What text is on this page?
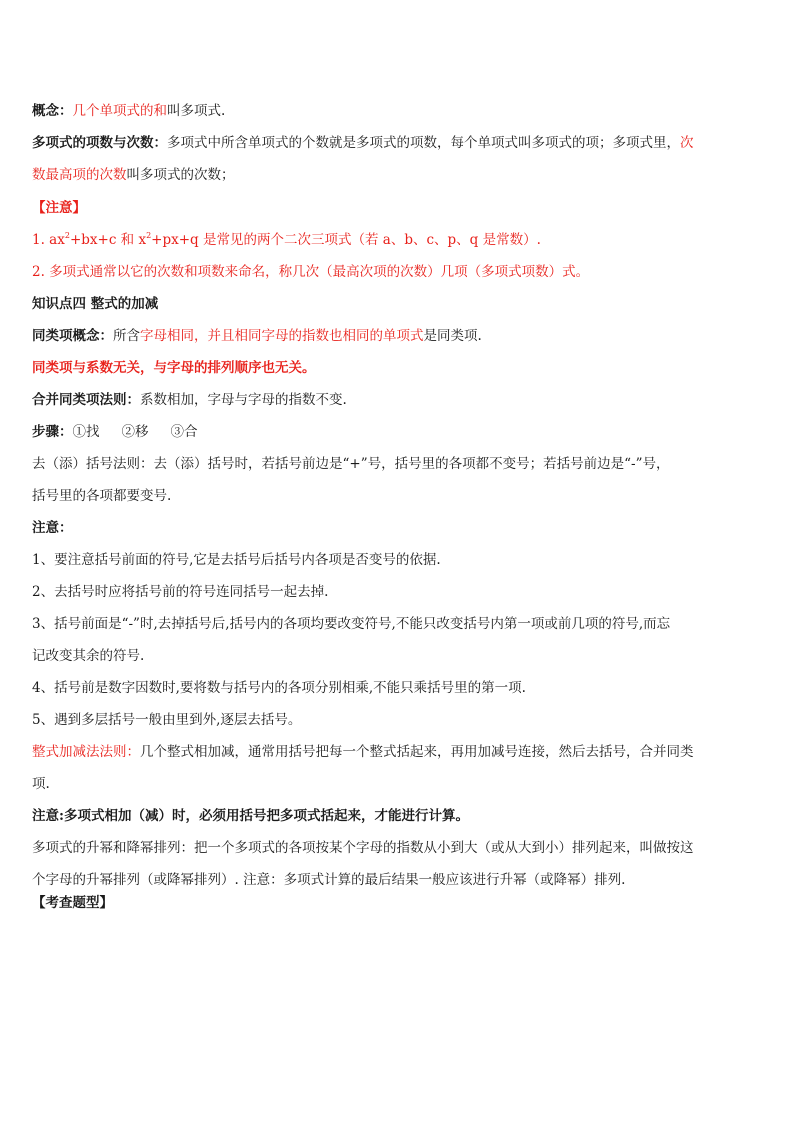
概念：几个单项式的和叫多项式.
多项式的项数与次数：多项式中所含单项式的个数就是多项式的项数，每个单项式叫多项式的项；多项式里，次
数最高项的次数叫多项式的次数；
【注意】
1. $ax^2+bx+c$ 和 $x^2+px+q$ 是常见的两个二次三项式（若 a、b、c、p、q 是常数）.
2. 多项式通常以它的次数和项数来命名，称几次（最高次项的次数）几项（多项式项数）式。
知识点四 整式的加减
同类项概念：所含字母相同，并且相同字母的指数也相同的单项式是同类项.
同类项与系数无关，与字母的排列顺序也无关。
合并同类项法则：系数相加，字母与字母的指数不变.
步骤：①找 ②移 ③合
去（添）括号法则：去（添）括号时，若括号前边是“+”号，括号里的各项都不变号；若括号前边是“-”号，
括号里的各项都要变号.
注意：
1、要注意括号前面的符号,它是去括号后括号内各项是否变号的依据.
2、去括号时应将括号前的符号连同括号一起去掉.
3、括号前面是“-”时,去掉括号后,括号内的各项均要改变符号,不能只改变括号内第一项或前几项的符号,而忘
记改变其余的符号.
4、括号前是数字因数时,要将数与括号内的各项分别相乘,不能只乘括号里的第一项.
5、遇到多层括号一般由里到外,逐层去括号。
整式加减法法则：几个整式相加减，通常用括号把每一个整式括起来，再用加减号连接，然后去括号，合并同类
项.
注意:多项式相加（减）时，必须用括号把多项式括起来，才能进行计算。
多项式的升幂和降幂排列：把一个多项式的各项按某个字母的指数从小到大（或从大到小）排列起来，叫做按这
个字母的升幂排列（或降幂排列）. 注意：多项式计算的最后结果一般应该进行升幂（或降幂）排列.
【考查题型】
